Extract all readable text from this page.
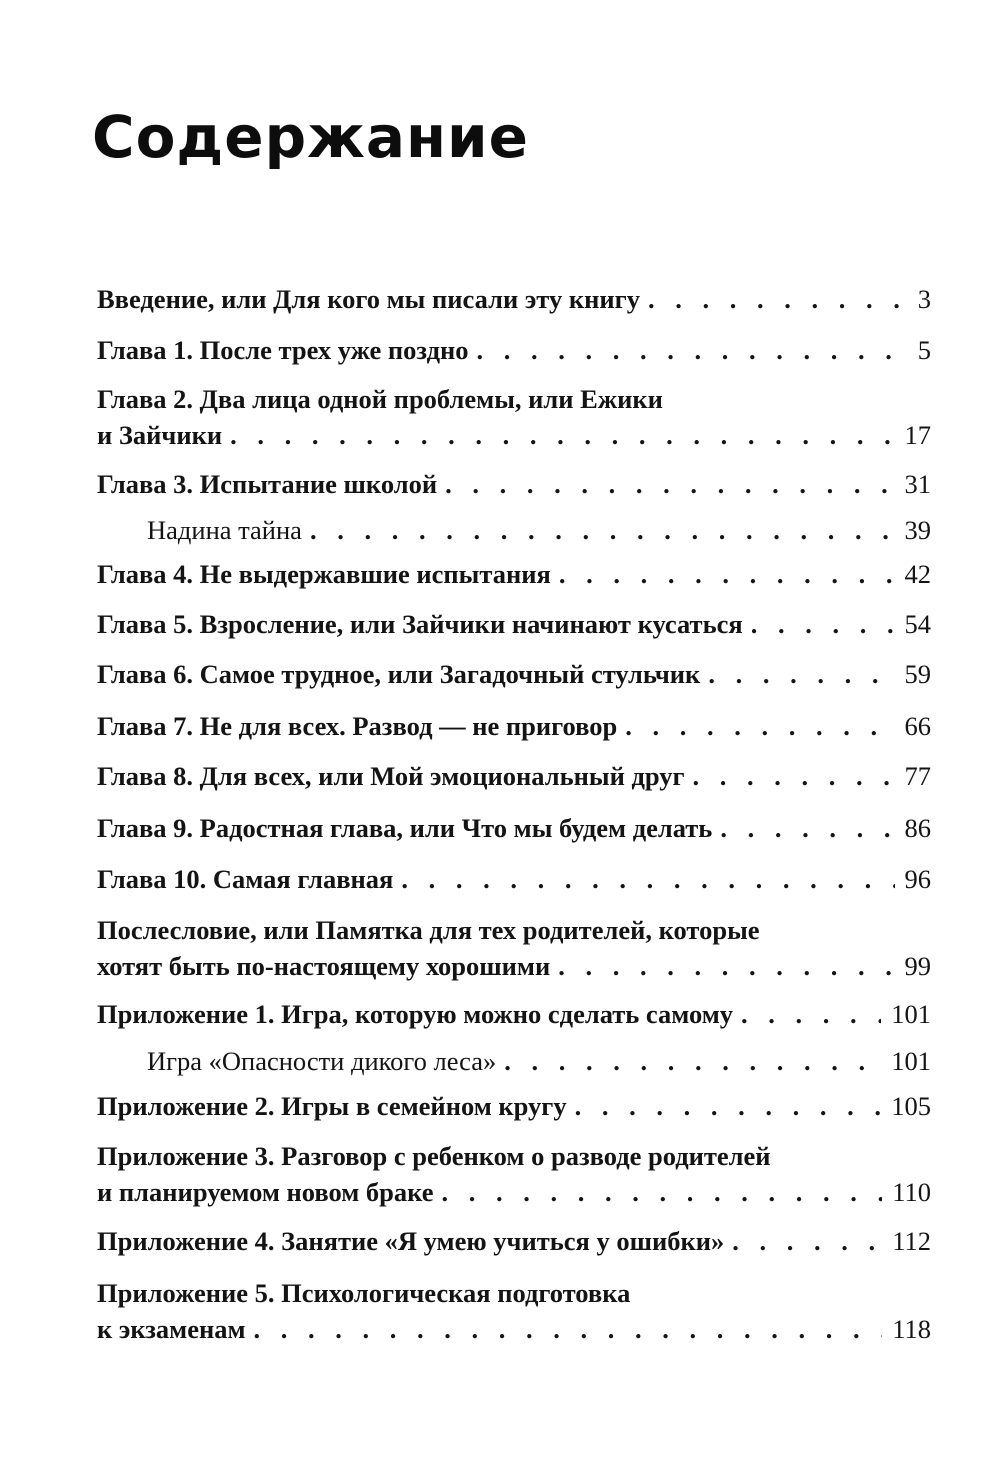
Содержание
Введение, или Для кого мы писали эту книгу . . .	3
Глава 1. После трех уже поздно . . .	5
Глава 2. Два лица одной проблемы, или Ежики
и Зайчики . . .	17
Глава 3. Испытание школой . . .	31
Надина тайна . . .	39
Глава 4. Не выдержавшие испытания . . .	42
Глава 5. Взросление, или Зайчики начинают кусаться . . .	54
Глава 6. Самое трудное, или Загадочный стульчик . . .	59
Глава 7. Не для всех. Развод — не приговор . . .	66
Глава 8. Для всех, или Мой эмоциональный друг . . .	77
Глава 9. Радостная глава, или Что мы будем делать . . .	86
Глава 10. Самая главная . . .	96
Послесловие, или Памятка для тех родителей, которые
хотят быть по-настоящему хорошими . . .	99
Приложение 1. Игра, которую можно сделать самому . . .	101
Игра «Опасности дикого леса» . . .	101
Приложение 2. Игры в семейном кругу . . .	105
Приложение 3. Разговор с ребенком о разводе родителей
и планируемом новом браке . . .	110
Приложение 4. Занятие «Я умею учиться у ошибки» . . .	112
Приложение 5. Психологическая подготовка
к экзаменам . . .	118
